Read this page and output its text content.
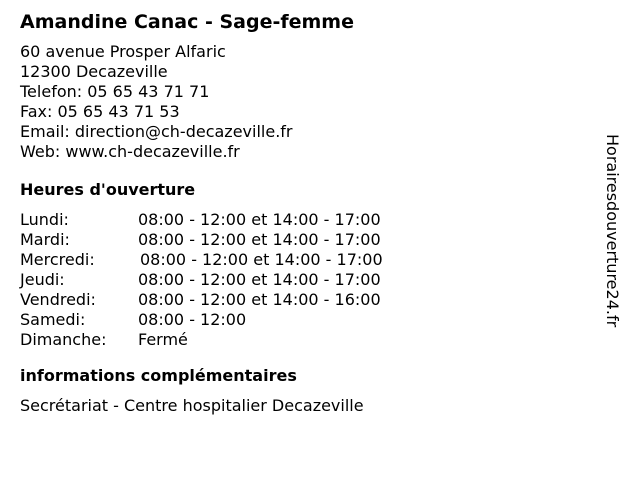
Amandine Canac - Sage-femme
60 avenue Prosper Alfaric
12300 Decazeville
Telefon: 05 65 43 71 71
Fax: 05 65 43 71 53
Email: direction@ch-decazeville.fr
Web: www.ch-decazeville.fr
Heures d'ouverture
Lundi:	08:00 - 12:00 et 14:00 - 17:00
Mardi:	08:00 - 12:00 et 14:00 - 17:00
Mercredi:	08:00 - 12:00 et 14:00 - 17:00
Jeudi:	08:00 - 12:00 et 14:00 - 17:00
Vendredi:	08:00 - 12:00 et 14:00 - 16:00
Samedi:	08:00 - 12:00
Dimanche: Fermé
informations complémentaires
Secrétariat - Centre hospitalier Decazeville
Horairesdouverture24.fr
